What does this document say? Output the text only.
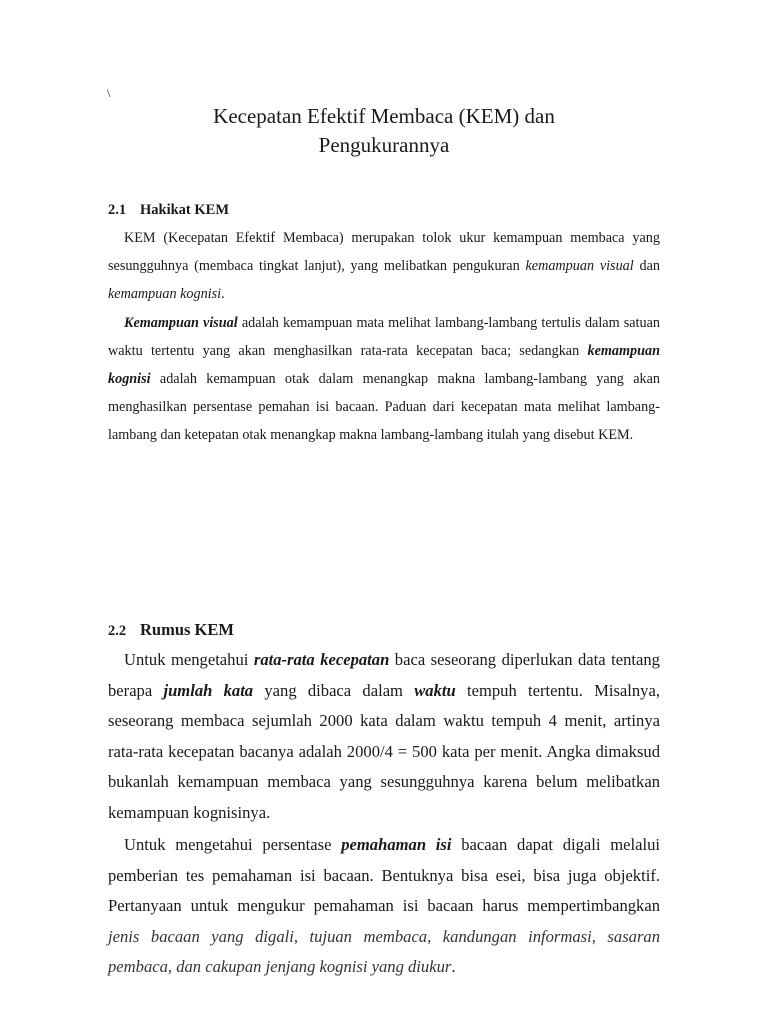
\
Kecepatan Efektif Membaca (KEM) dan
Pengukurannya
2.1 Hakikat KEM

KEM (Kecepatan Efektif Membaca) merupakan tolok ukur kemampuan membaca yang sesungguhnya (membaca tingkat lanjut), yang melibatkan pengukuran kemampuan visual dan kemampuan kognisi.

Kemampuan visual adalah kemampuan mata melihat lambang-lambang tertulis dalam satuan waktu tertentu yang akan menghasilkan rata-rata kecepatan baca; sedangkan kemampuan kognisi adalah kemampuan otak dalam menangkap makna lambang-lambang yang akan menghasilkan persentase pemahan isi bacaan. Paduan dari kecepatan mata melihat lambang-lambang dan ketepatan otak menangkap makna lambang-lambang itulah yang disebut KEM.

2.2 Rumus KEM

Untuk mengetahui rata-rata kecepatan baca seseorang diperlukan data tentang berapa jumlah kata yang dibaca dalam waktu tempuh tertentu. Misalnya, seseorang membaca sejumlah 2000 kata dalam waktu tempuh 4 menit, artinya rata-rata kecepatan bacanya adalah 2000/4 = 500 kata per menit. Angka dimaksud bukanlah kemampuan membaca yang sesungguhnya karena belum melibatkan kemampuan kognisinya.

Untuk mengetahui persentase pemahaman isi bacaan dapat digali melalui pemberian tes pemahaman isi bacaan. Bentuknya bisa esei, bisa juga objektif. Pertanyaan untuk mengukur pemahaman isi bacaan harus mempertimbangkan jenis bacaan yang digali, tujuan membaca, kandungan informasi, sasaran pembaca, dan cakupan jenjang kognisi yang diukur.
